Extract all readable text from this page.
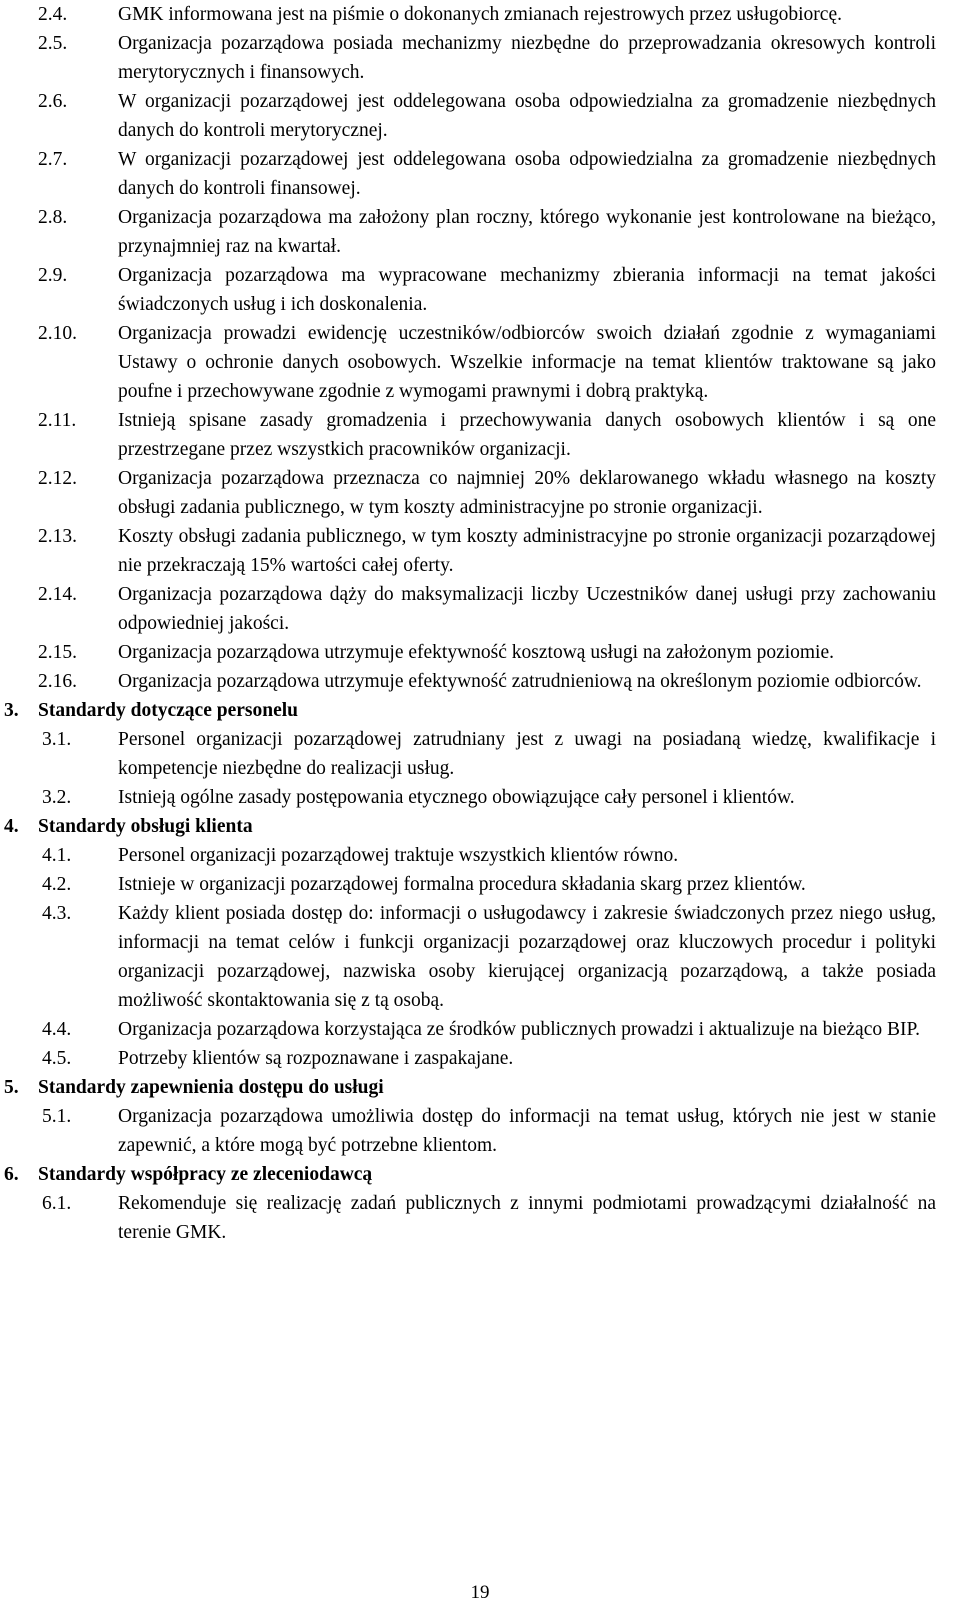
2.4.	GMK informowana jest na piśmie o dokonanych zmianach rejestrowych przez usługobiorcę.
2.5.	Organizacja pozarządowa posiada mechanizmy niezbędne do przeprowadzania okresowych kontroli merytorycznych i finansowych.
2.6.	W organizacji pozarządowej jest oddelegowana osoba odpowiedzialna za gromadzenie niezbędnych danych do kontroli merytorycznej.
2.7.	W organizacji pozarządowej jest oddelegowana osoba odpowiedzialna za gromadzenie niezbędnych danych do kontroli finansowej.
2.8.	Organizacja pozarządowa ma założony plan roczny, którego wykonanie jest kontrolowane na bieżąco, przynajmniej raz na kwartał.
2.9.	Organizacja pozarządowa ma wypracowane mechanizmy zbierania informacji na temat jakości świadczonych usług i ich doskonalenia.
2.10. Organizacja prowadzi ewidencję uczestników/odbiorców swoich działań zgodnie z wymaganiami Ustawy o ochronie danych osobowych. Wszelkie informacje na temat klientów traktowane są jako poufne i przechowywane zgodnie z wymogami prawnymi i dobrą praktyką.
2.11. Istnieją spisane zasady gromadzenia i przechowywania danych osobowych klientów i są one przestrzegane przez wszystkich pracowników organizacji.
2.12. Organizacja pozarządowa przeznacza co najmniej 20% deklarowanego wkładu własnego na koszty obsługi zadania publicznego, w tym koszty administracyjne po stronie organizacji.
2.13. Koszty obsługi zadania publicznego, w tym koszty administracyjne po stronie organizacji pozarządowej nie przekraczają 15% wartości całej oferty.
2.14. Organizacja pozarządowa dąży do maksymalizacji liczby Uczestników danej usługi przy zachowaniu odpowiedniej jakości.
2.15. Organizacja pozarządowa utrzymuje efektywność kosztową usługi na założonym poziomie.
2.16. Organizacja pozarządowa utrzymuje efektywność zatrudnieniową na określonym poziomie odbiorców.
3. Standardy dotyczące personelu
3.1. Personel organizacji pozarządowej zatrudniany jest z uwagi na posiadaną wiedzę, kwalifikacje i kompetencje niezbędne do realizacji usług.
3.2. Istnieją ogólne zasady postępowania etycznego obowiązujące cały personel i klientów.
4. Standardy obsługi klienta
4.1. Personel organizacji pozarządowej traktuje wszystkich klientów równo.
4.2. Istnieje w organizacji pozarządowej formalna procedura składania skarg przez klientów.
4.3. Każdy klient posiada dostęp do: informacji o usługodawcy i zakresie świadczonych przez niego usług, informacji na temat celów i funkcji organizacji pozarządowej oraz kluczowych procedur i polityki organizacji pozarządowej, nazwiska osoby kierującej organizacją pozarządową, a także posiada możliwość skontaktowania się z tą osobą.
4.4. Organizacja pozarządowa korzystająca ze środków publicznych prowadzi i aktualizuje na bieżąco BIP.
4.5. Potrzeby klientów są rozpoznawane i zaspakajane.
5. Standardy zapewnienia dostępu do usługi
5.1. Organizacja pozarządowa umożliwia dostęp do informacji na temat usług, których nie jest w stanie zapewnić, a które mogą być potrzebne klientom.
6. Standardy współpracy ze zleceniodawcą
6.1. Rekomenduje się realizację zadań publicznych z innymi podmiotami prowadzącymi działalność na terenie GMK.
19
